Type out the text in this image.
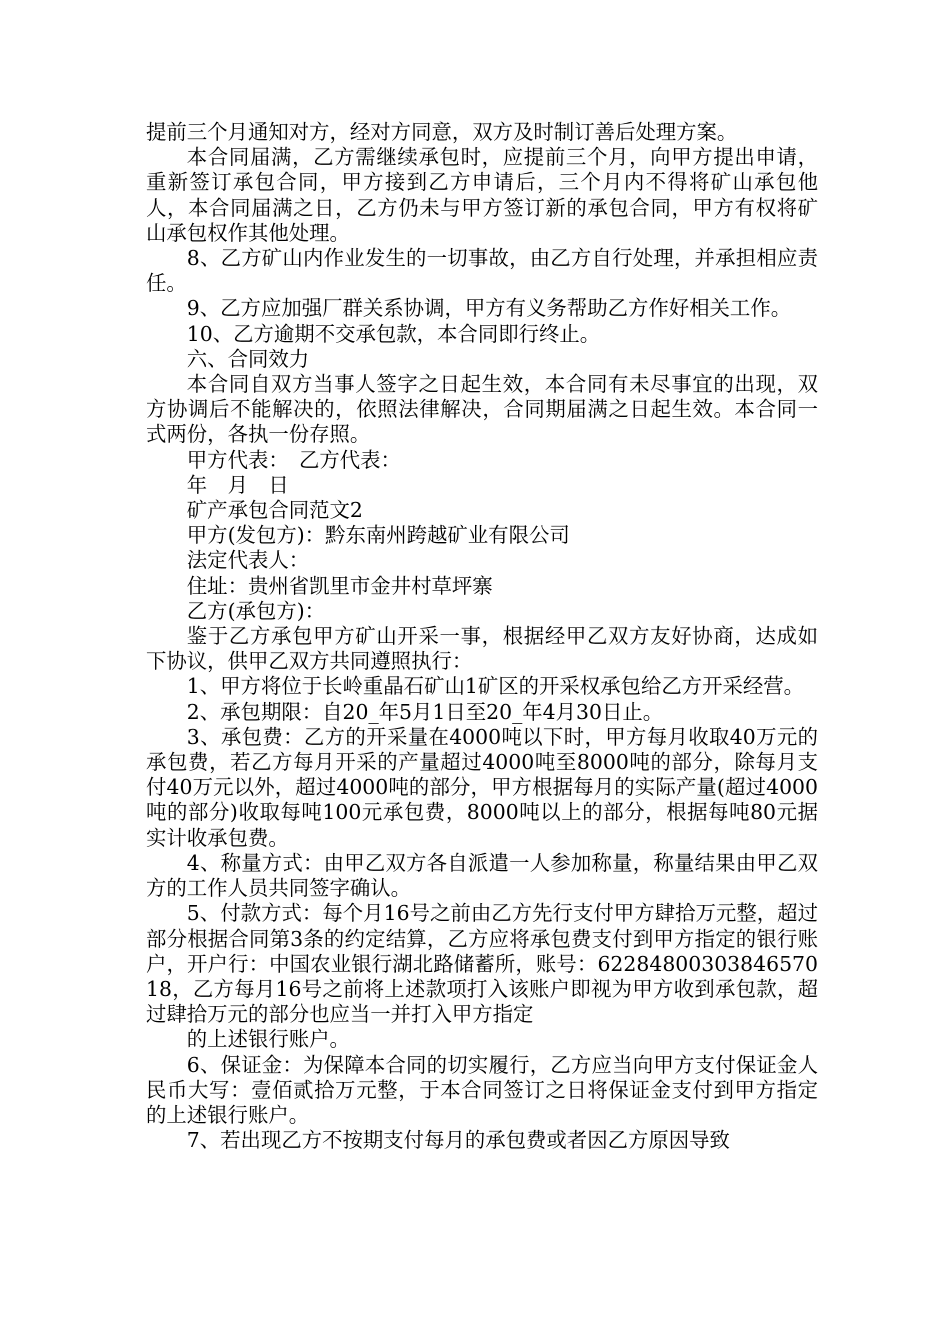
提前三个月通知对方，经对方同意，双方及时制订善后处理方案。

本合同届满，乙方需继续承包时，应提前三个月，向甲方提出申请，重新签订承包合同，甲方接到乙方申请后，三个月内不得将矿山承包他人，本合同届满之日，乙方仍未与甲方签订新的承包合同，甲方有权将矿山承包权作其他处理。

8、乙方矿山内作业发生的一切事故，由乙方自行处理，并承担相应责任。

9、乙方应加强厂群关系协调，甲方有义务帮助乙方作好相关工作。

10、乙方逾期不交承包款，本合同即行终止。

六、合同效力

本合同自双方当事人签字之日起生效，本合同有未尽事宜的出现，双方协调后不能解决的，依照法律解决，合同期届满之日起生效。本合同一式两份，各执一份存照。

甲方代表：　乙方代表：

年　月　日

矿产承包合同范文2

甲方(发包方)：黔东南州跨越矿业有限公司

法定代表人：

住址：贵州省凯里市金井村草坪寨

乙方(承包方)：

鉴于乙方承包甲方矿山开采一事，根据经甲乙双方友好协商，达成如下协议，供甲乙双方共同遵照执行：

1、甲方将位于长岭重晶石矿山1矿区的开采权承包给乙方开采经营。

2、承包期限：自20_年5月1日至20_年4月30日止。

3、承包费：乙方的开采量在4000吨以下时，甲方每月收取40万元的承包费，若乙方每月开采的产量超过4000吨至8000吨的部分，除每月支付40万元以外，超过4000吨的部分，甲方根据每月的实际产量(超过4000吨的部分)收取每吨100元承包费，8000吨以上的部分，根据每吨80元据实计收承包费。

4、称量方式：由甲乙双方各自派遣一人参加称量，称量结果由甲乙双方的工作人员共同签字确认。

5、付款方式：每个月16号之前由乙方先行支付甲方肆拾万元整，超过部分根据合同第3条的约定结算，乙方应将承包费支付到甲方指定的银行账户，开户行：中国农业银行湖北路储蓄所，账号：6228480030384657018，乙方每月16号之前将上述款项打入该账户即视为甲方收到承包款，超过肆拾万元的部分也应当一并打入甲方指定

的上述银行账户。

6、保证金：为保障本合同的切实履行，乙方应当向甲方支付保证金人民币大写：壹佰贰拾万元整，于本合同签订之日将保证金支付到甲方指定的上述银行账户。

7、若出现乙方不按期支付每月的承包费或者因乙方原因导致
